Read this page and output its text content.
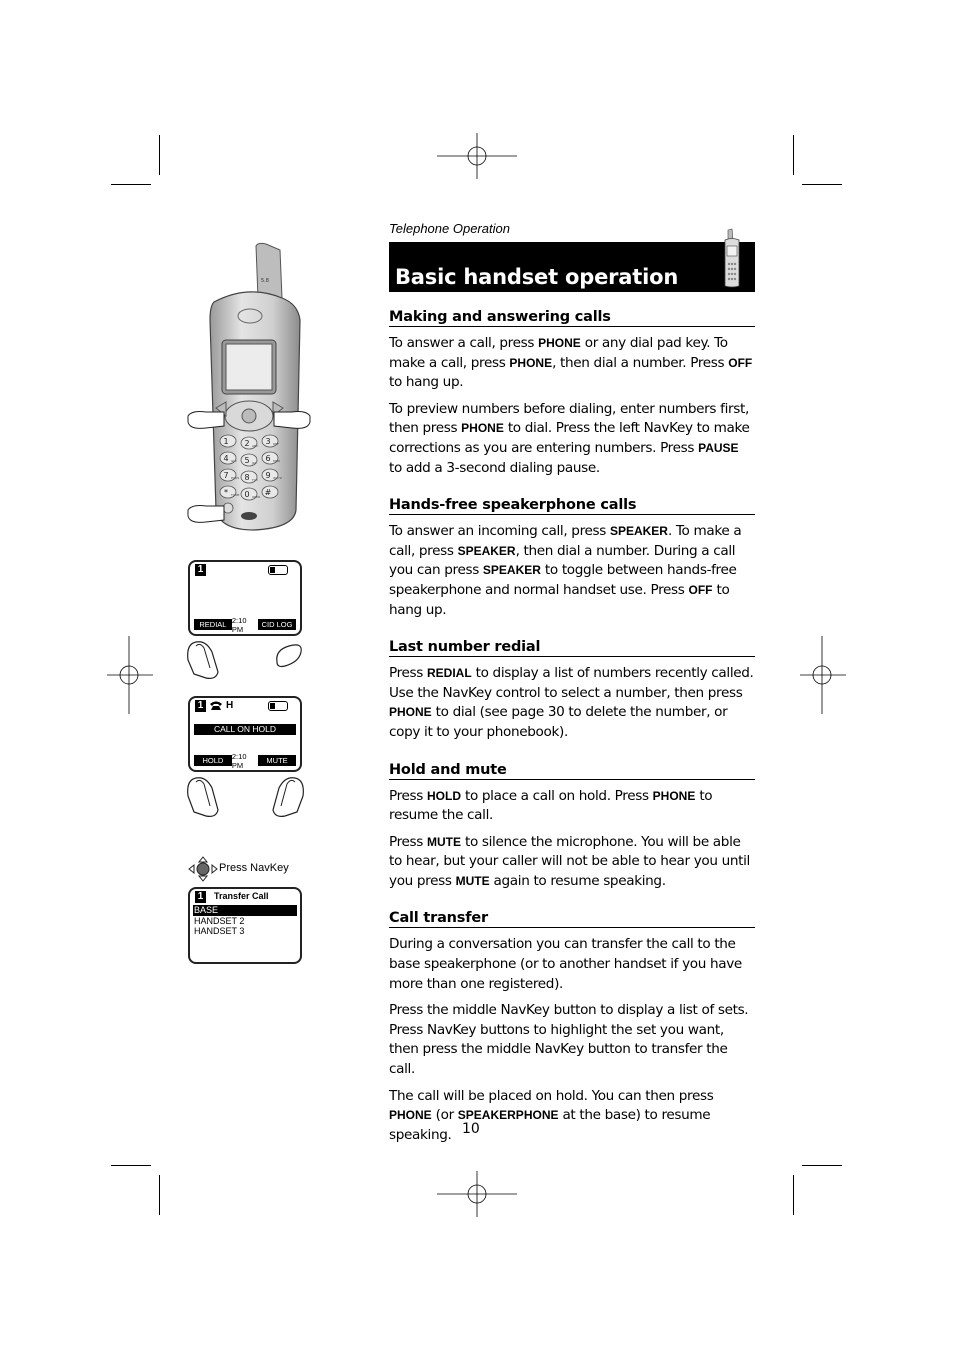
1 2 3
4 5 6
7 8 9
* 0 #
ABC	DEF
GHI	JKL	MNO
PQRS	TUV	WXYZ
TONE	OPER
5.8
1
REDIAL 2:10 PM	CID LOG
1 H
CALL ON HOLD
HOLD	2:10 PM	MUTE
Press NavKey
1	Transfer Call
BASE
HANDSET 2
HANDSET 3
Telephone Operation
Basic handset operation
Making and answering calls

To answer a call, press PHONE or any dial pad key. To make a call, press PHONE, then dial a number. Press OFF to hang up.

To preview numbers before dialing, enter numbers first, then press PHONE to dial. Press the left NavKey to make corrections as you are entering numbers. Press PAUSE to add a 3-second dialing pause.

Hands-free speakerphone calls

To answer an incoming call, press SPEAKER. To make a call, press SPEAKER, then dial a number. During a call you can press SPEAKER to toggle between hands-free speakerphone and normal handset use. Press OFF to hang up.

Last number redial

Press REDIAL to display a list of numbers recently called. Use the NavKey control to select a number, then press PHONE to dial (see page 30 to delete the number, or copy it to your phonebook).

Hold and mute

Press HOLD to place a call on hold. Press PHONE to resume the call.

Press MUTE to silence the microphone. You will be able to hear, but your caller will not be able to hear you until you press MUTE again to resume speaking.

Call transfer

During a conversation you can transfer the call to the base speakerphone (or to another handset if you have more than one registered).

Press the middle NavKey button to display a list of sets. Press NavKey buttons to highlight the set you want, then press the middle NavKey button to transfer the call.

The call will be placed on hold. You can then press PHONE (or SPEAKERPHONE at the base) to resume speaking. 10
